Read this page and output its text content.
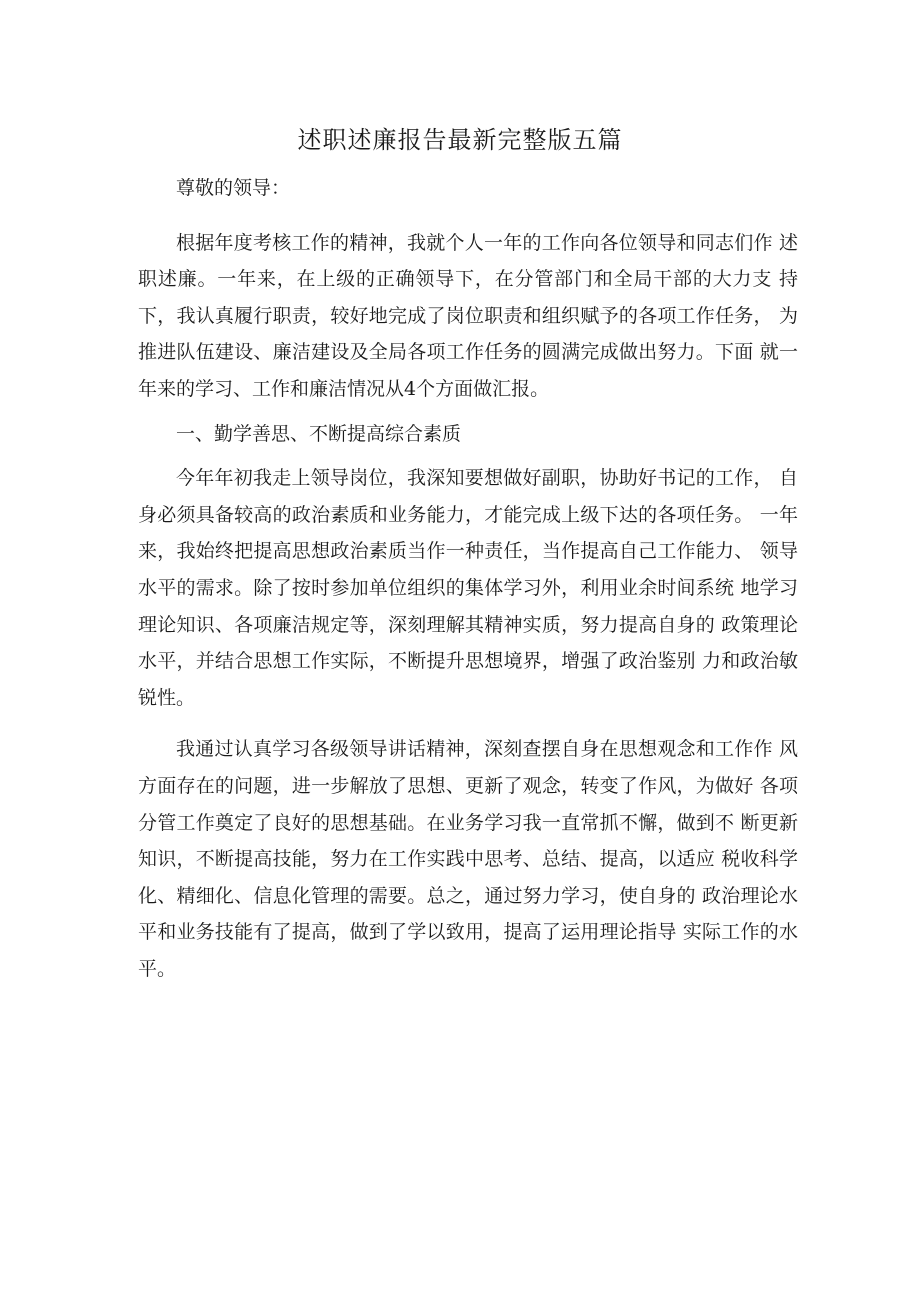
述职述廉报告最新完整版五篇

尊敬的领导：

根据年度考核工作的精神，我就个人一年的工作向各位领导和同志们作 述职述廉。一年来，在上级的正确领导下，在分管部门和全局干部的大力支 持下，我认真履行职责，较好地完成了岗位职责和组织赋予的各项工作任务， 为推进队伍建设、廉洁建设及全局各项工作任务的圆满完成做出努力。下面 就一年来的学习、工作和廉洁情况从4个方面做汇报。

一、勤学善思、不断提高综合素质

今年年初我走上领导岗位，我深知要想做好副职，协助好书记的工作， 自身必须具备较高的政治素质和业务能力，才能完成上级下达的各项任务。 一年来，我始终把提高思想政治素质当作一种责任，当作提高自己工作能力、 领导水平的需求。除了按时参加单位组织的集体学习外，利用业余时间系统 地学习理论知识、各项廉洁规定等，深刻理解其精神实质，努力提高自身的 政策理论水平，并结合思想工作实际，不断提升思想境界，增强了政治鉴别 力和政治敏锐性。

我通过认真学习各级领导讲话精神，深刻查摆自身在思想观念和工作作 风方面存在的问题，进一步解放了思想、更新了观念，转变了作风，为做好 各项分管工作奠定了良好的思想基础。在业务学习我一直常抓不懈，做到不 断更新知识，不断提高技能，努力在工作实践中思考、总结、提高，以适应 税收科学化、精细化、信息化管理的需要。总之，通过努力学习，使自身的 政治理论水平和业务技能有了提高，做到了学以致用，提高了运用理论指导 实际工作的水平。
